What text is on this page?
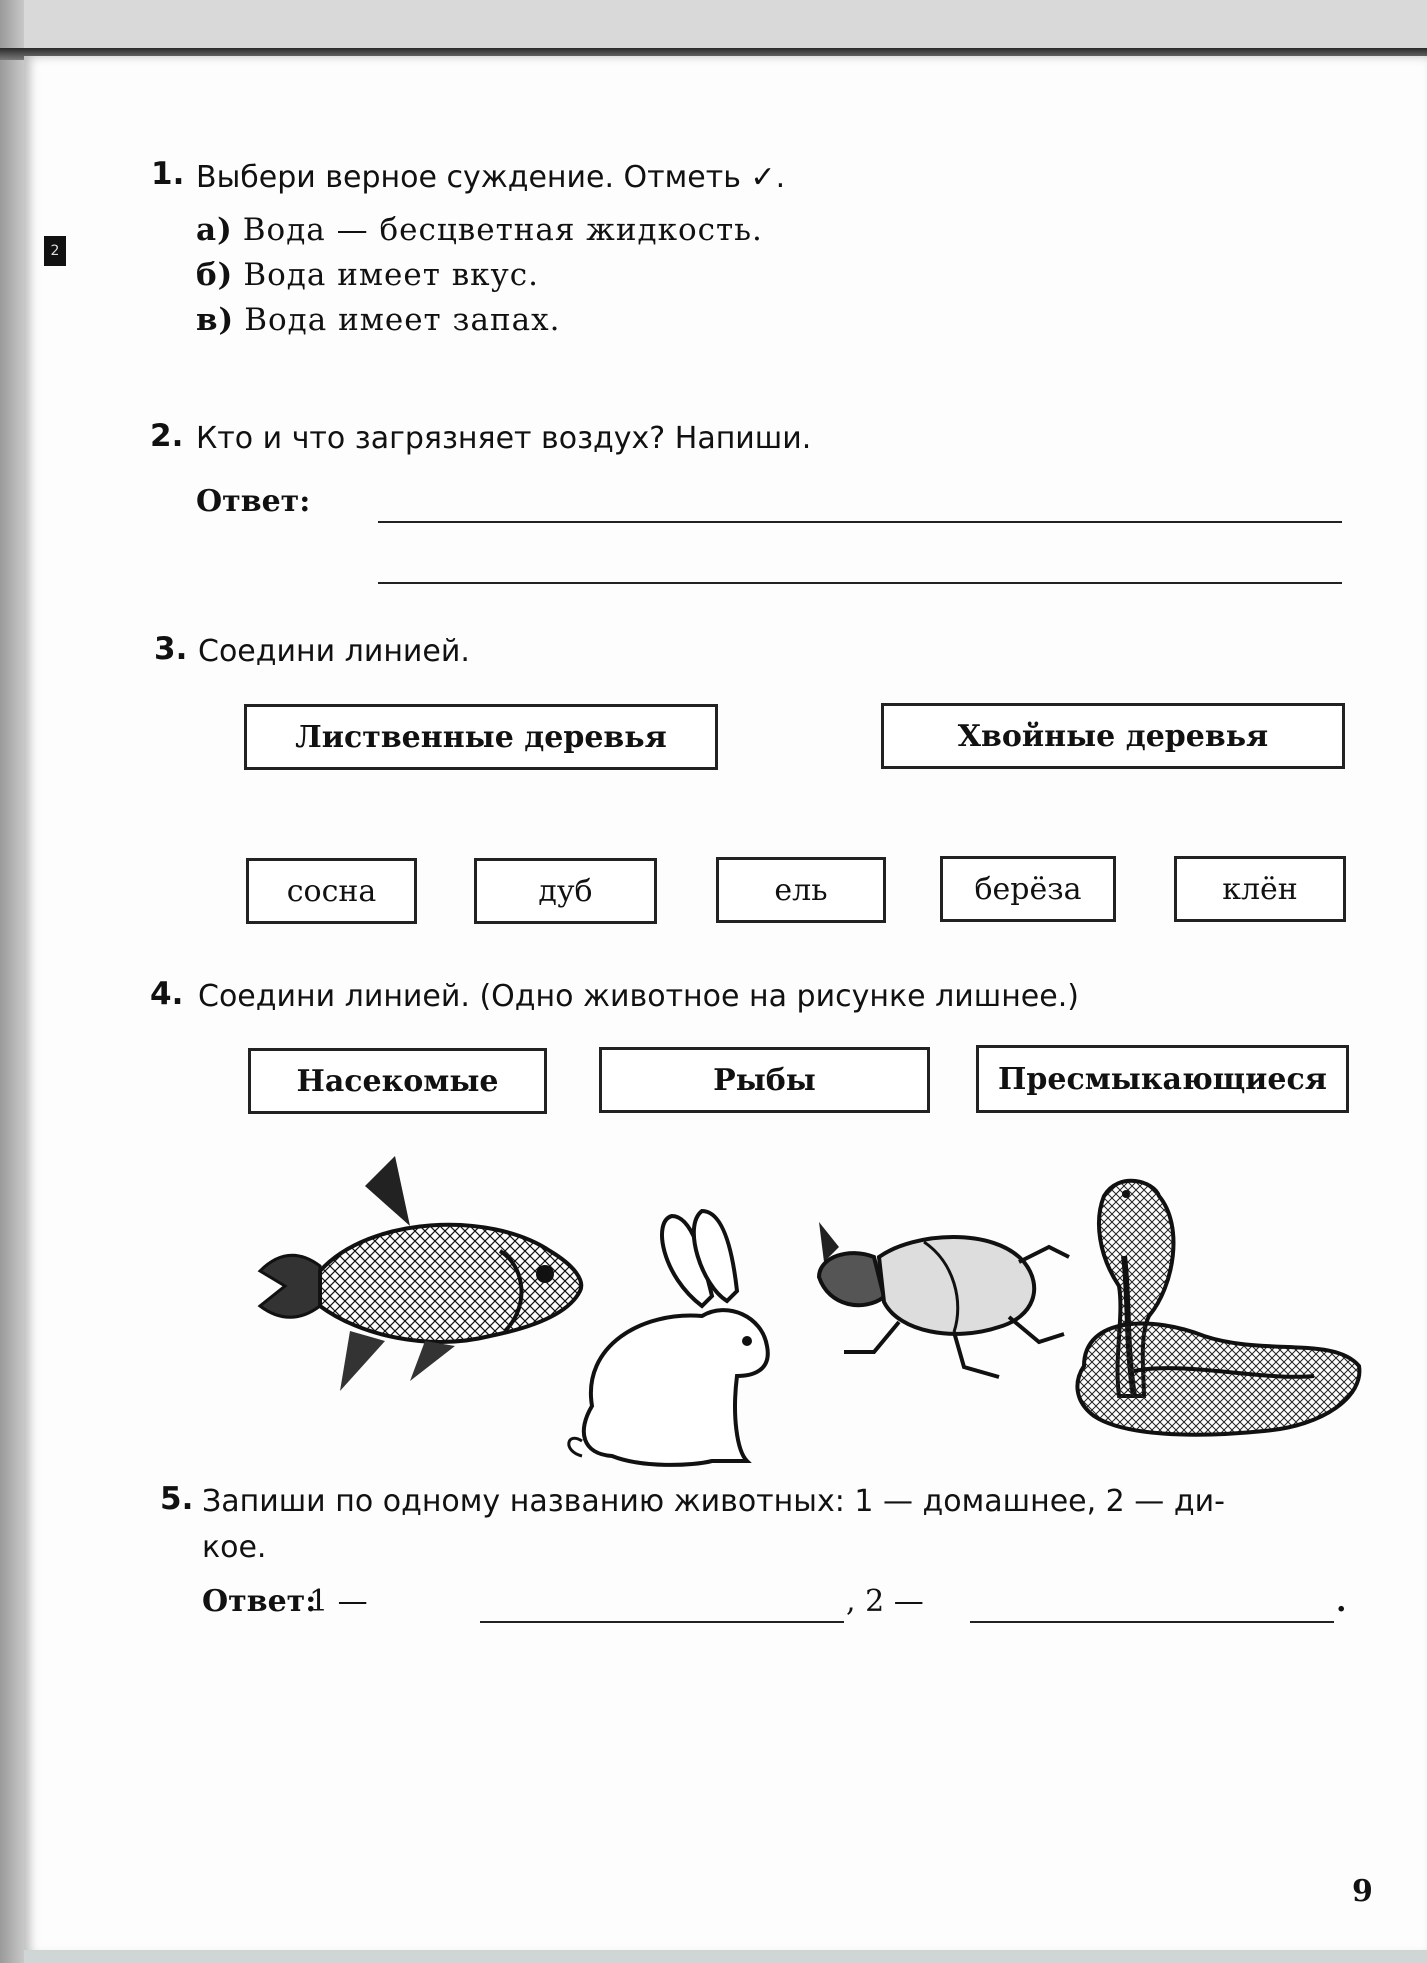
1. Выбери верное суждение. Отметь ✓.
а) Вода — бесцветная жидкость.
б) Вода имеет вкус.
в) Вода имеет запах.
2. Кто и что загрязняет воздух? Напиши.
Ответ:
3. Соедини линией.
Лиственные деревья	Хвойные деревья
сосна	дуб	ель	берёза	клён
4. Соедини линией. (Одно животное на рисунке лишнее.)
Насекомые	Рыбы	Пресмыкающиеся
5. Запиши по одному названию животных: 1 — домашнее, 2 — ди-
кое.
Ответ:
1 —	, 2 —	.
9
2
